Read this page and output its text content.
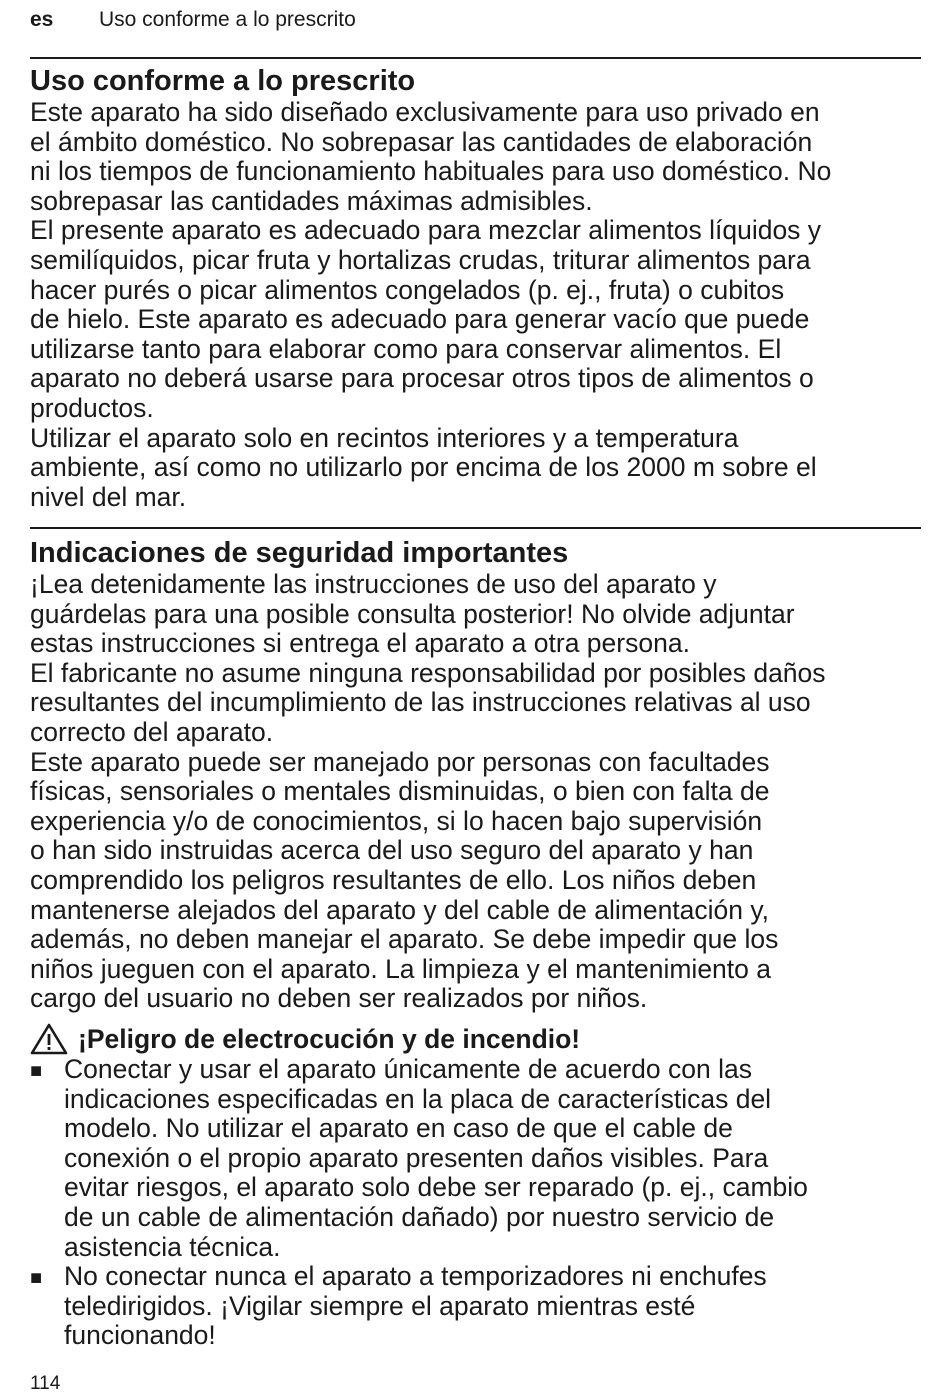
es Uso conforme a lo prescrito
Uso conforme a lo prescrito

Este aparato ha sido diseñado exclusivamente para uso privado en

el ámbito doméstico. No sobrepasar las cantidades de elaboración

ni los tiempos de funcionamiento habituales para uso doméstico. No

sobrepasar las cantidades máximas admisibles.

El presente aparato es adecuado para mezclar alimentos líquidos y

semilíquidos, picar fruta y hortalizas crudas, triturar alimentos para

hacer purés o picar alimentos congelados (p. ej., fruta) o cubitos

de hielo. Este aparato es adecuado para generar vacío que puede

utilizarse tanto para elaborar como para conservar alimentos. El

aparato no deberá usarse para procesar otros tipos de alimentos o

productos.

Utilizar el aparato solo en recintos interiores y a temperatura

ambiente, así como no utilizarlo por encima de los 2000 m sobre el

nivel del mar.

Indicaciones de seguridad importantes

¡Lea detenidamente las instrucciones de uso del aparato y

guárdelas para una posible consulta posterior! No olvide adjuntar

estas instrucciones si entrega el aparato a otra persona.

El fabricante no asume ninguna responsabilidad por posibles daños

resultantes del incumplimiento de las instrucciones relativas al uso

correcto del aparato.

Este aparato puede ser manejado por personas con facultades

físicas, sensoriales o mentales disminuidas, o bien con falta de

experiencia y/o de conocimientos, si lo hacen bajo supervisión

o han sido instruidas acerca del uso seguro del aparato y han

comprendido los peligros resultantes de ello. Los niños deben

mantenerse alejados del aparato y del cable de alimentación y,

además, no deben manejar el aparato. Se debe impedir que los

niños jueguen con el aparato. La limpieza y el mantenimiento a

cargo del usuario no deben ser realizados por niños.

¡Peligro de electrocución y de incendio!
■ Conectar y usar el aparato únicamente de acuerdo con las

indicaciones especificadas en la placa de características del

modelo. No utilizar el aparato en caso de que el cable de

conexión o el propio aparato presenten daños visibles. Para

evitar riesgos, el aparato solo debe ser reparado (p. ej., cambio

de un cable de alimentación dañado) por nuestro servicio de

asistencia técnica.

■ No conectar nunca el aparato a temporizadores ni enchufes

teledirigidos. ¡Vigilar siempre el aparato mientras esté

funcionando!

114
